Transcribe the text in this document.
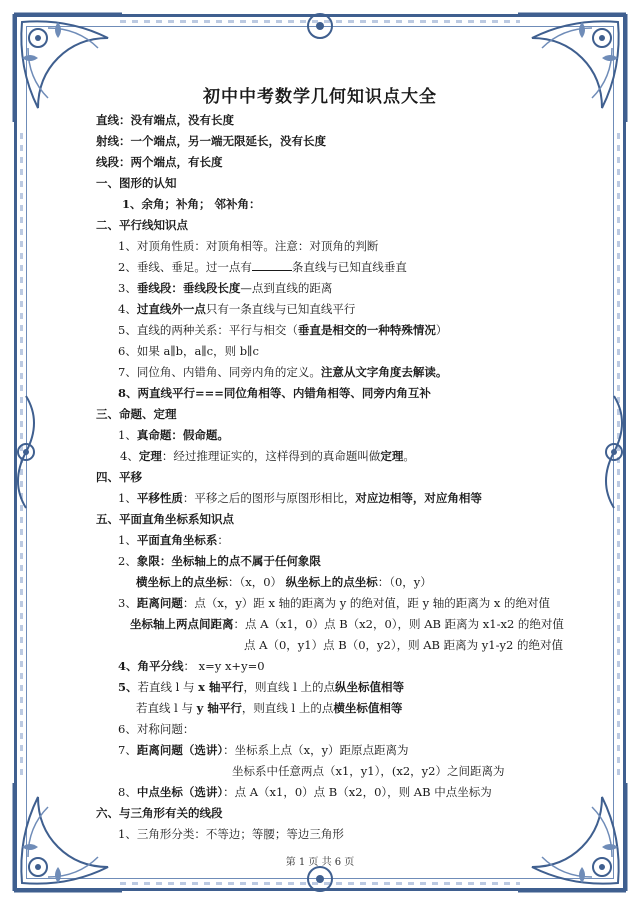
初中中考数学几何知识点大全
直线：没有端点，没有长度
射线：一个端点，另一端无限延长，没有长度
线段：两个端点，有长度
一、图形的认知
1、余角；补角； 邻补角：
二、平行线知识点
1、对顶角性质：对顶角相等。注意：对顶角的判断
2、垂线、垂足。过一点有	条直线与已知直线垂直
3、垂线段：垂线段长度—点到直线的距离
4、过直线外一点只有一条直线与已知直线平行
5、直线的两种关系：平行与相交（垂直是相交的一种特殊情况）
6、如果 a∥b，a∥c，则 b∥c
7、同位角、内错角、同旁内角的定义。注意从文字角度去解读。
8、两直线平行===同位角相等、内错角相等、同旁内角互补
三、命题、定理
1、真命题：假命题。
4、定理：经过推理证实的，这样得到的真命题叫做定理。
四、平移
1、平移性质：平移之后的图形与原图形相比，对应边相等，对应角相等
五、平面直角坐标系知识点
1、平面直角坐标系：
2、象限：坐标轴上的点不属于任何象限
横坐标上的点坐标：（x，0） 纵坐标上的点坐标：（0，y）
3、距离问题：点（x，y）距 x 轴的距离为 y 的绝对值，距 y 轴的距离为 x 的绝对值
坐标轴上两点间距离：点 A（x1，0）点 B（x2，0），则 AB 距离为 x1-x2 的绝对值
点 A（0，y1）点 B（0，y2），则 AB 距离为 y1-y2 的绝对值
4、角平分线： x=y x+y=0
5、若直线 l 与 x 轴平行，则直线 l 上的点纵坐标值相等
若直线 l 与 y 轴平行，则直线 l 上的点横坐标值相等
6、对称问题：
7、距离问题（选讲）：坐标系上点（x，y）距原点距离为
坐标系中任意两点（x1，y1），(x2，y2）之间距离为
8、中点坐标（选讲）：点 A（x1，0）点 B（x2，0），则 AB 中点坐标为
六、与三角形有关的线段
1、三角形分类：不等边；等腰；等边三角形
第 1 页 共 6 页
